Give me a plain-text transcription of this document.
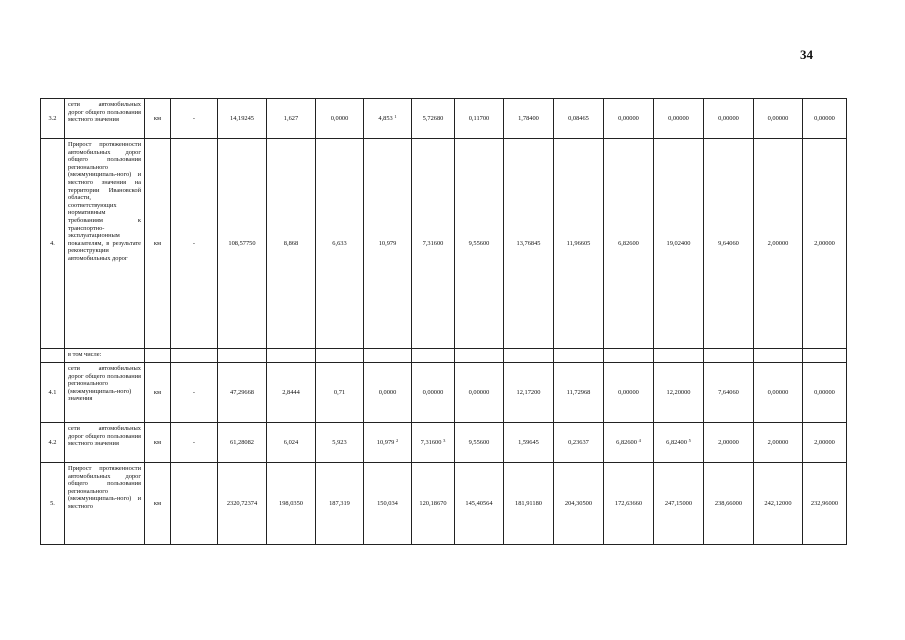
34
3.2	сети автомобильных дорог общего пользования местного значения	км	-	14,19245	1,627	0,0000	4,853 $^1$	5,72680	0,11700	1,78400	0,08465	0,00000	0,00000	0,00000	0,00000	0,00000
4.	Прирост протяженности автомобильных дорог общего пользования регионального (межмуниципаль-ного) и местного значения на территории Ивановской области, соответствующих нормативным требованиям к транспортно-эксплуатационным показателям, в результате реконструкции автомобильных дорог	км	-	108,57750	8,868	6,633	10,979	7,31600	9,55600	13,76845	11,96605	6,82600	19,02400	9,64060	2,00000	2,00000
	в том числе:															
4.1	сети автомобильных дорог общего пользования регионального (межмуниципаль-ного) значения	км	-	47,29668	2,8444	0,71	0,0000	0,00000	0,00000	12,17200	11,72968	0,00000	12,20000	7,64060	0,00000	0,00000
4.2	сети автомобильных дорог общего пользования местного значения	км	-	61,28082	6,024	5,923	10,979 $^2$	7,31600 $^3$	9,55600	1,59645	0,23637	6,82600 $^4$	6,82400 $^5$	2,00000	2,00000	2,00000
5.	Прирост протяженности автомобильных дорог общего пользования регионального (межмуниципаль-ного) и местного	км		2320,72374	198,0350	187,319	150,034	120,18670	145,40564	181,91180	204,30500	172,63660	247,15000	238,66000	242,12000	232,96000
